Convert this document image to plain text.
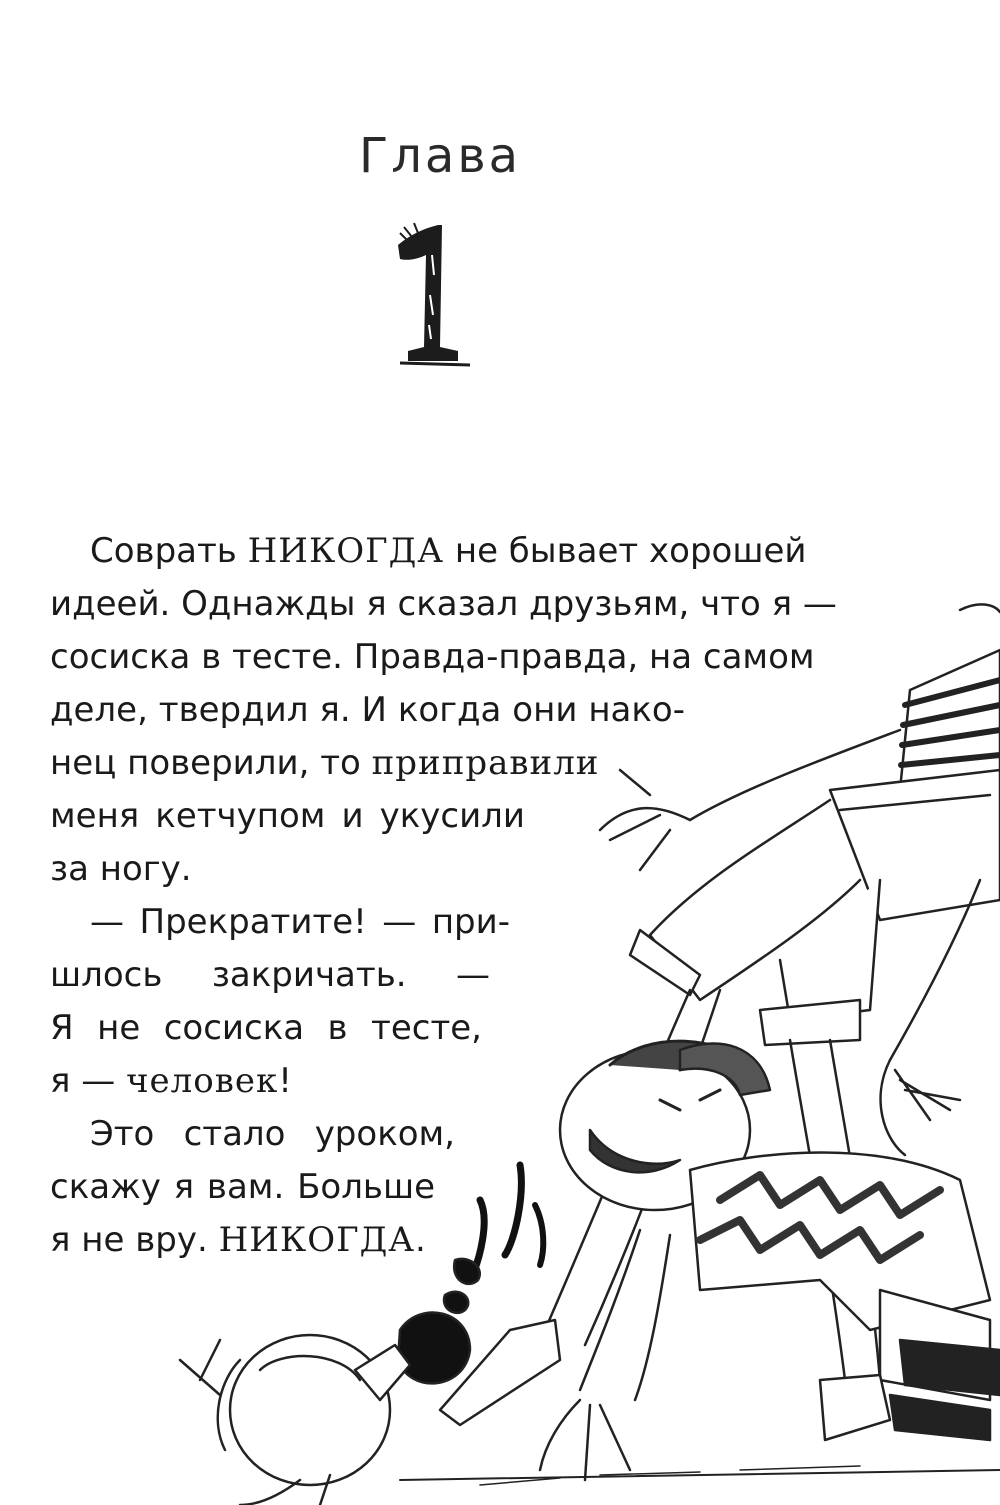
Глава
Соврать НИКОГДА не бывает хорошей
идеей. Однажды я сказал друзьям, что я —
сосиска в тесте. Правда-правда, на самом
деле, твердил я. И когда они нако-
нец поверили, то приправили
меня кетчупом и укусили
за ногу.
— Прекратите! — при-
шлось закричать. —
Я не сосиска в тесте,
я — человек!
Это стало уроком,
скажу я вам. Больше
я не вру. НИКОГДА.
